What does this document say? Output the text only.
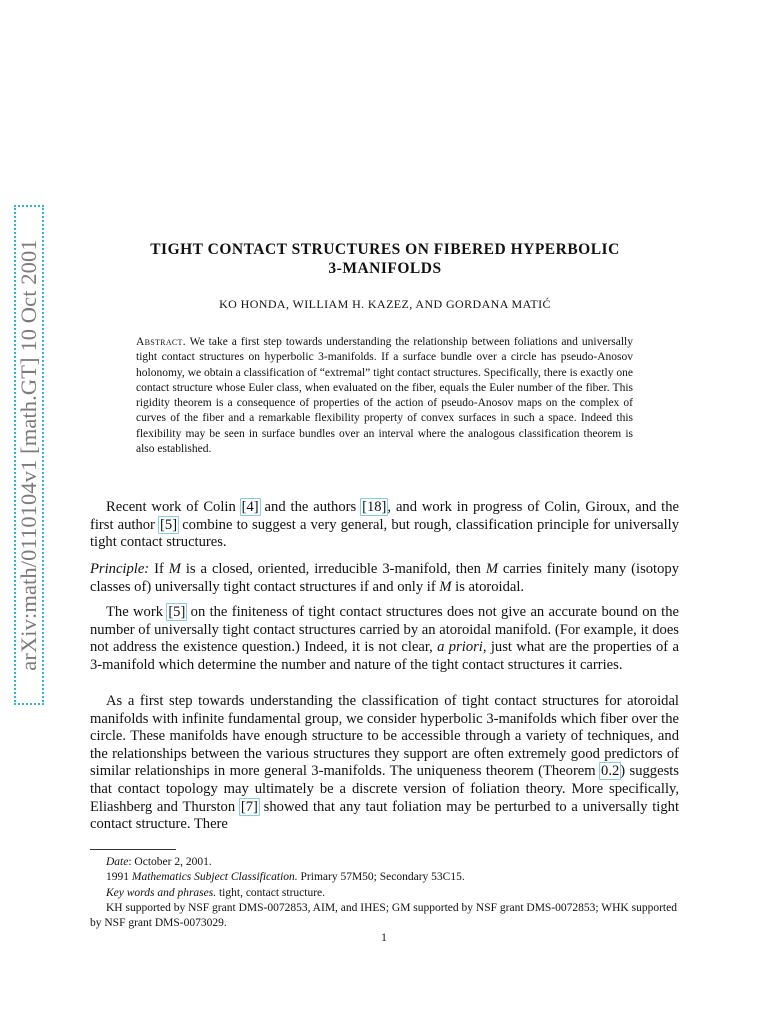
arXiv:math/0110104v1 [math.GT] 10 Oct 2001	TIGHT CONTACT STRUCTURES ON FIBERED HYPERBOLIC
3-MANIFOLDS
KO HONDA, WILLIAM H. KAZEZ, AND GORDANA MATIĆ
Abstract. We take a first step towards understanding the relationship between foliations and universally tight contact structures on hyperbolic 3-manifolds. If a surface bundle over a circle has pseudo-Anosov holonomy, we obtain a classification of “extremal” tight contact structures. Specifically, there is exactly one contact structure whose Euler class, when evaluated on the fiber, equals the Euler number of the fiber. This rigidity theorem is a consequence of properties of the action of pseudo-Anosov maps on the complex of curves of the fiber and a remarkable flexibility property of convex surfaces in such a space. Indeed this flexibility may be seen in surface bundles over an interval where the analogous classification theorem is also established.

Recent work of Colin [4] and the authors [18], and work in progress of Colin, Giroux, and the first author [5] combine to suggest a very general, but rough, classification principle for universally tight contact structures.

Principle: If M is a closed, oriented, irreducible 3-manifold, then M carries finitely many (isotopy classes of) universally tight contact structures if and only if M is atoroidal.

The work [5] on the finiteness of tight contact structures does not give an accurate bound on the number of universally tight contact structures carried by an atoroidal manifold. (For example, it does not address the existence question.) Indeed, it is not clear, a priori, just what are the properties of a 3-manifold which determine the number and nature of the tight contact structures it carries.

As a first step towards understanding the classification of tight contact structures for atoroidal manifolds with infinite fundamental group, we consider hyperbolic 3-manifolds which fiber over the circle. These manifolds have enough structure to be accessible through a variety of techniques, and the relationships between the various structures they support are often extremely good predictors of similar relationships in more general 3-manifolds. The uniqueness theorem (Theorem 0.2) suggests that contact topology may ultimately be a discrete version of foliation theory. More specifically, Eliashberg and Thurston [7] showed that any taut foliation may be perturbed to a universally tight contact structure. There

Date: October 2, 2001.
1991 Mathematics Subject Classification. Primary 57M50; Secondary 53C15.
Key words and phrases. tight, contact structure.
KH supported by NSF grant DMS-0072853, AIM, and IHES; GM supported by NSF grant DMS-0072853; WHK supported by NSF grant DMS-0073029.
1
